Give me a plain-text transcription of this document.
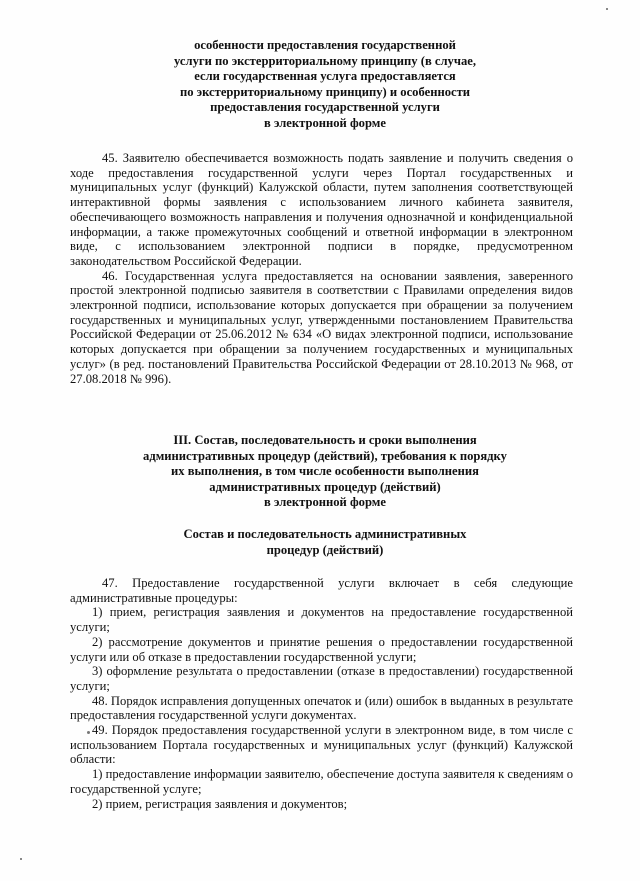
особенности предоставления государственной
услуги по экстерриториальному принципу (в случае,
если государственная услуга предоставляется
по экстерриториальному принципу) и особенности
предоставления государственной услуги
в электронной форме

45. Заявителю обеспечивается возможность подать заявление и получить сведения о ходе предоставления государственной услуги через Портал государственных и муниципальных услуг (функций) Калужской области, путем заполнения соответствующей интерактивной формы заявления с использованием личного кабинета заявителя, обеспечивающего возможность направления и получения однозначной и конфиденциальной информации, а также промежуточных сообщений и ответной информации в электронном виде, с использованием электронной подписи в порядке, предусмотренном законодательством Российской Федерации.

46. Государственная услуга предоставляется на основании заявления, заверенного простой электронной подписью заявителя в соответствии с Правилами определения видов электронной подписи, использование которых допускается при обращении за получением государственных и муниципальных услуг, утвержденными постановлением Правительства Российской Федерации от 25.06.2012 № 634 «О видах электронной подписи, использование которых допускается при обращении за получением государственных и муниципальных услуг» (в ред. постановлений Правительства Российской Федерации от 28.10.2013 № 968, от 27.08.2018 № 996).

III. Состав, последовательность и сроки выполнения
административных процедур (действий), требования к порядку
их выполнения, в том числе особенности выполнения
административных процедур (действий)
в электронной форме
Состав и последовательность административных
процедур (действий)

47. Предоставление государственной услуги включает в себя следующие административные процедуры:

1) прием, регистрация заявления и документов на предоставление государственной услуги;

2) рассмотрение документов и принятие решения о предоставлении государственной услуги или об отказе в предоставлении государственной услуги;

3) оформление результата о предоставлении (отказе в предоставлении) государственной услуги;

48. Порядок исправления допущенных опечаток и (или) ошибок в выданных в результате предоставления государственной услуги документах.

49. Порядок предоставления государственной услуги в электронном виде, в том числе с использованием Портала государственных и муниципальных услуг (функций) Калужской области:

1) предоставление информации заявителю, обеспечение доступа заявителя к сведениям о государственной услуге;

2) прием, регистрация заявления и документов;
